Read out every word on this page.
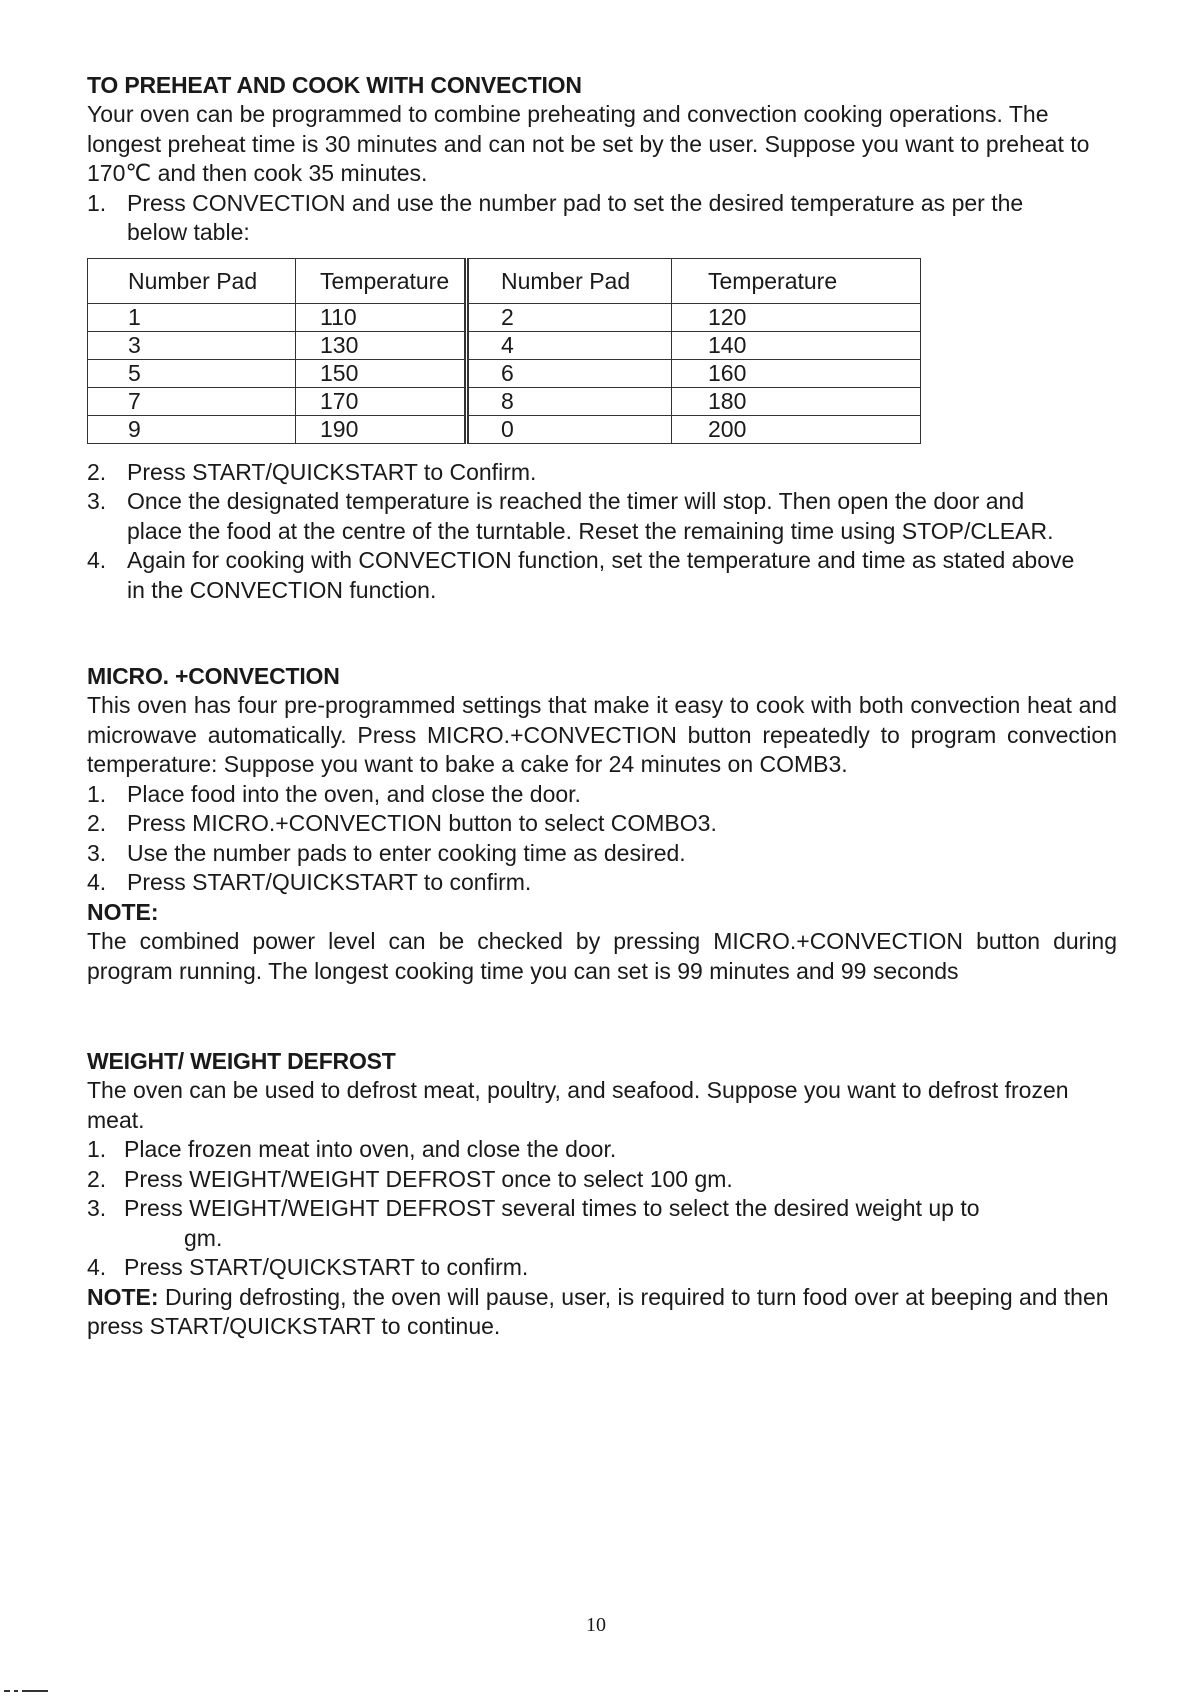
TO PREHEAT AND COOK WITH CONVECTION

Your oven can be programmed to combine preheating and convection cooking operations. The longest preheat time is 30 minutes and can not be set by the user. Suppose you want to preheat to 170℃ and then cook 35 minutes.

1. Press CONVECTION and use the number pad to set the desired temperature as per the below table:
Number Pad	Temperature	Number Pad	Temperature
1	110	2	120
3	130	4	140
5	150	6	160
7	170	8	180
9	190	0	200
2. Press START/QUICKSTART to Confirm.
3. Once the designated temperature is reached the timer will stop. Then open the door and place the food at the centre of the turntable. Reset the remaining time using STOP/CLEAR.
4. Again for cooking with CONVECTION function, set the temperature and time as stated above in the CONVECTION function.
MICRO. +CONVECTION

This oven has four pre-programmed settings that make it easy to cook with both convection heat and microwave automatically. Press MICRO.+CONVECTION button repeatedly to program convection temperature: Suppose you want to bake a cake for 24 minutes on COMB3.

1. Place food into the oven, and close the door.
2. Press MICRO.+CONVECTION button to select COMBO3.
3. Use the number pads to enter cooking time as desired.
4. Press START/QUICKSTART to confirm.

NOTE:

The combined power level can be checked by pressing MICRO.+CONVECTION button during program running. The longest cooking time you can set is 99 minutes and 99 seconds

WEIGHT/ WEIGHT DEFROST

The oven can be used to defrost meat, poultry, and seafood. Suppose you want to defrost frozen meat.

1. Place frozen meat into oven, and close the door.
2. Press WEIGHT/WEIGHT DEFROST once to select 100 gm.
3. Press WEIGHT/WEIGHT DEFROST several times to select the desired weight up to
gm.
4. Press START/QUICKSTART to confirm.

NOTE: During defrosting, the oven will pause, user, is required to turn food over at beeping and then press START/QUICKSTART to continue.

10
